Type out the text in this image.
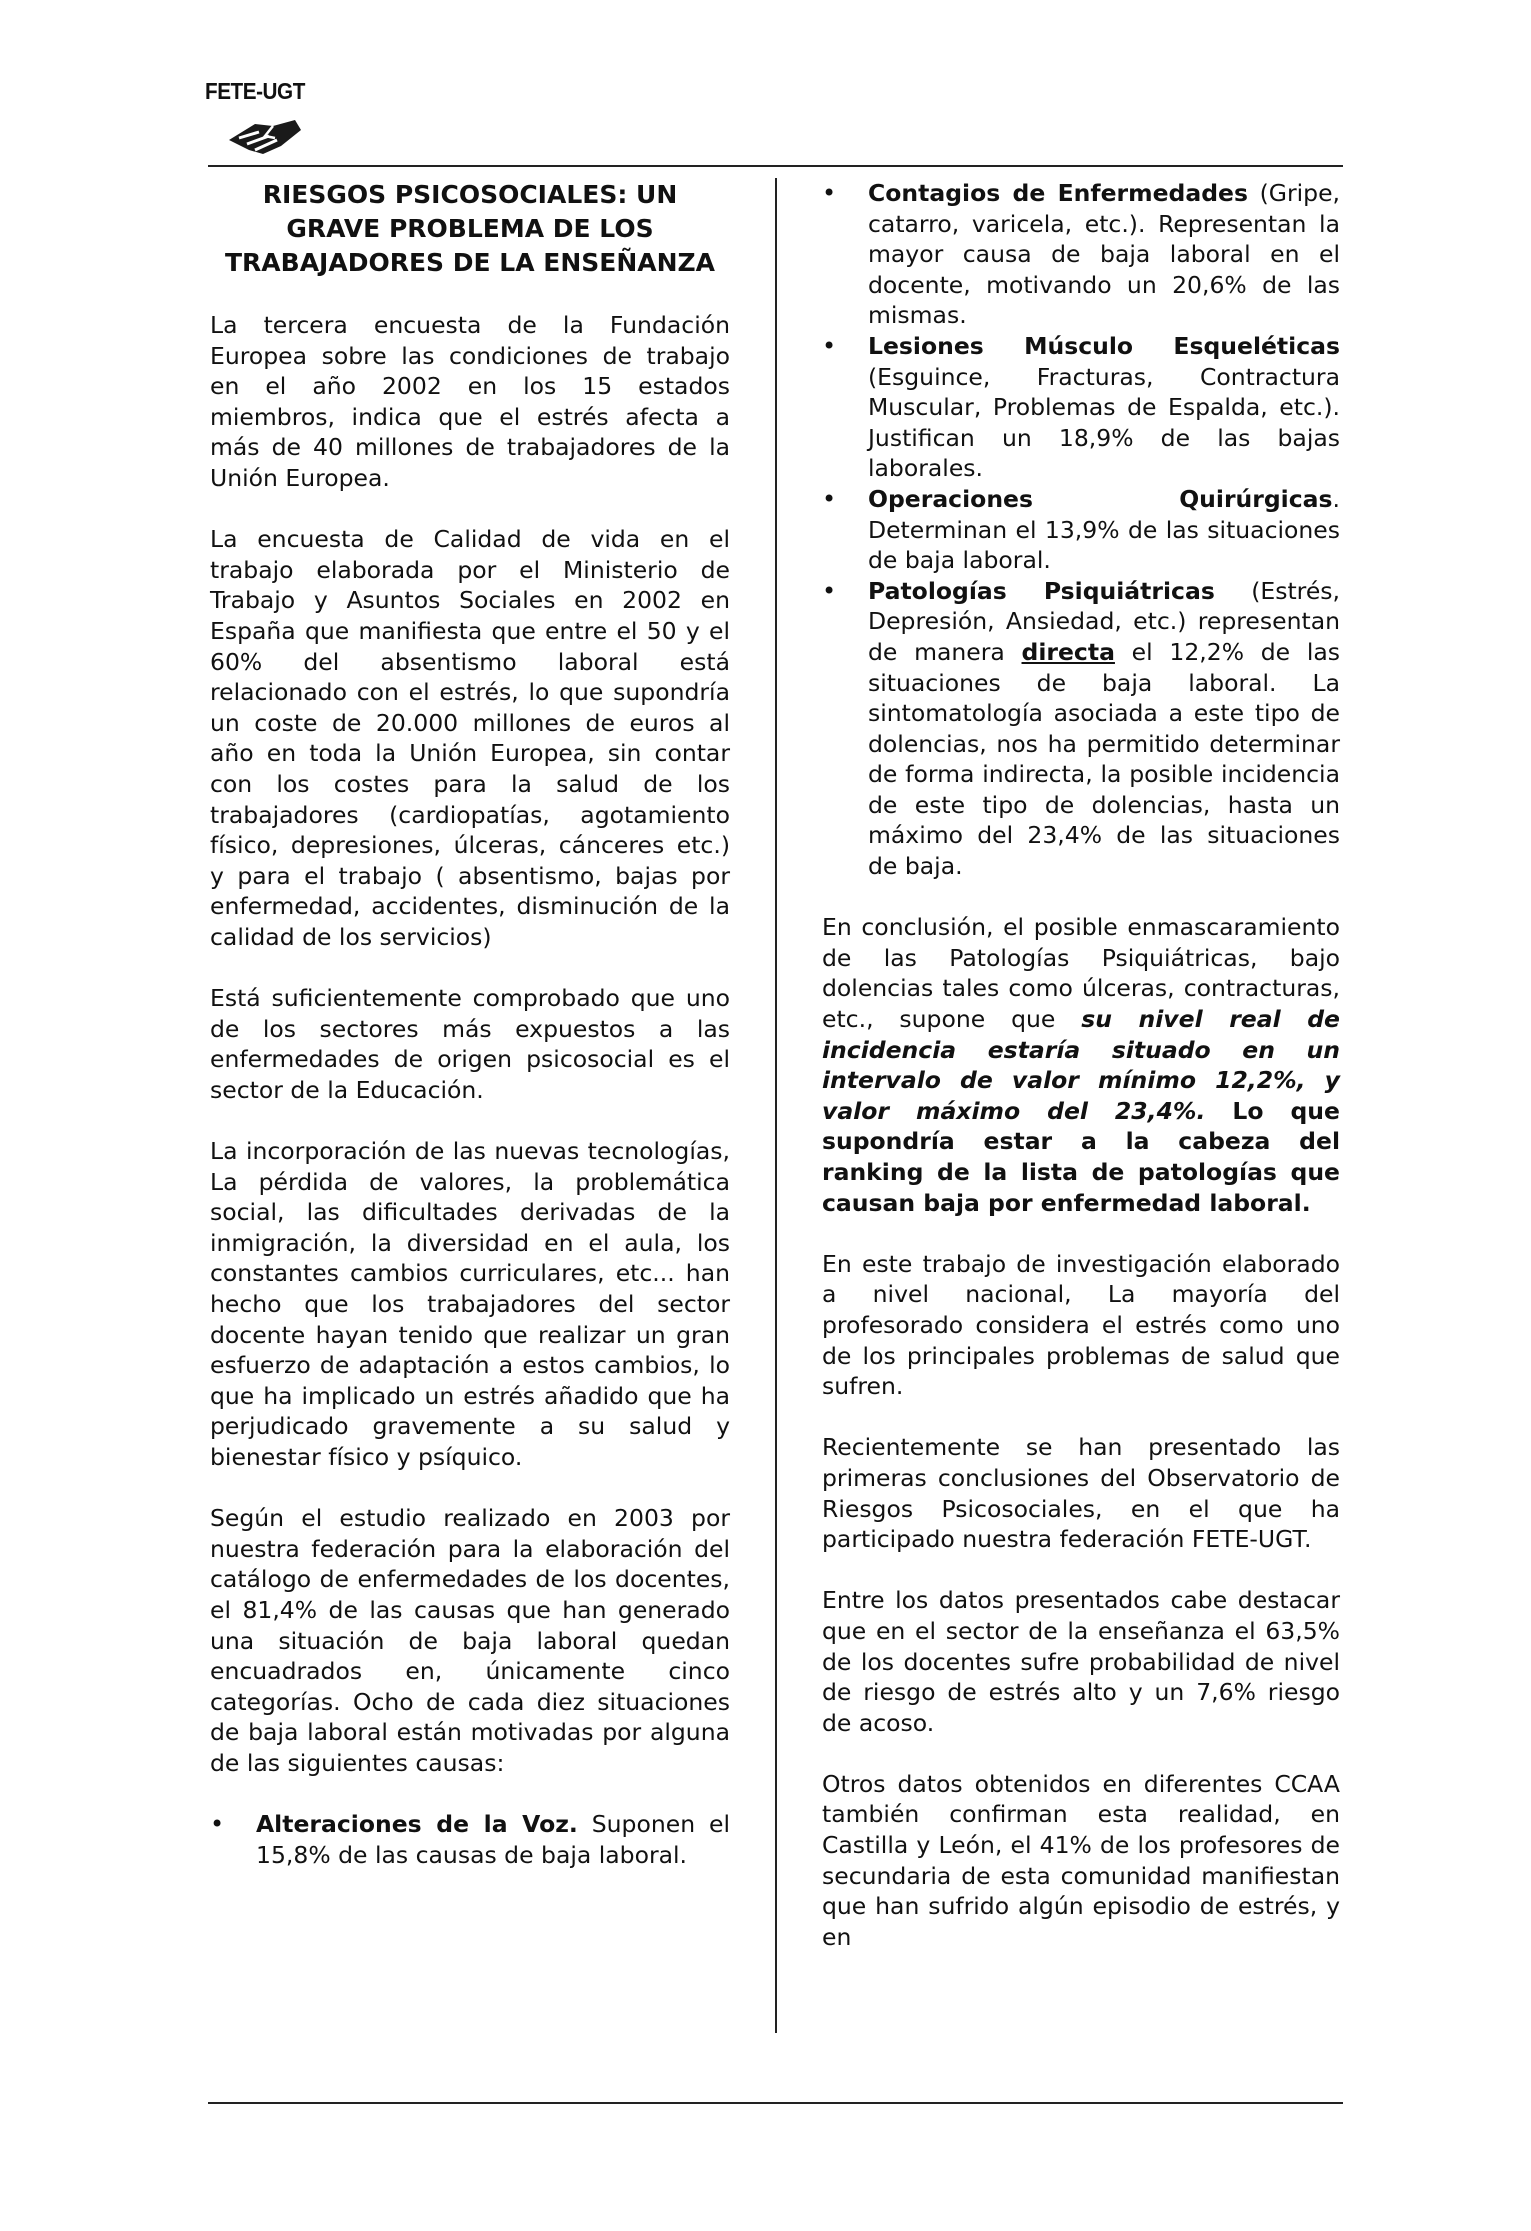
FETE-UGT
RIESGOS PSICOSOCIALES: UN GRAVE PROBLEMA DE LOS TRABAJADORES DE LA ENSEÑANZA

La tercera encuesta de la Fundación Europea sobre las condiciones de trabajo en el año 2002 en los 15 estados miembros, indica que el estrés afecta a más de 40 millones de trabajadores de la Unión Europea.

La encuesta de Calidad de vida en el trabajo elaborada por el Ministerio de Trabajo y Asuntos Sociales en 2002 en España que manifiesta que entre el 50 y el 60% del absentismo laboral está relacionado con el estrés, lo que supondría un coste de 20.000 millones de euros al año en toda la Unión Europea, sin contar con los costes para la salud de los trabajadores (cardiopatías, agotamiento físico, depresiones, úlceras, cánceres etc.) y para el trabajo ( absentismo, bajas por enfermedad, accidentes, disminución de la calidad de los servicios)

Está suficientemente comprobado que uno de los sectores más expuestos a las enfermedades de origen psicosocial es el sector de la Educación.

La incorporación de las nuevas tecnologías, La pérdida de valores, la problemática social, las dificultades derivadas de la inmigración, la diversidad en el aula, los constantes cambios curriculares, etc... han hecho que los trabajadores del sector docente hayan tenido que realizar un gran esfuerzo de adaptación a estos cambios, lo que ha implicado un estrés añadido que ha perjudicado gravemente a su salud y bienestar físico y psíquico.

Según el estudio realizado en 2003 por nuestra federación para la elaboración del catálogo de enfermedades de los docentes, el 81,4% de las causas que han generado una situación de baja laboral quedan encuadrados en, únicamente cinco categorías. Ocho de cada diez situaciones de baja laboral están motivadas por alguna de las siguientes causas:

• Alteraciones de la Voz. Suponen el 15,8% de las causas de baja laboral.
• Contagios de Enfermedades (Gripe, catarro, varicela, etc.). Representan la mayor causa de baja laboral en el docente, motivando un 20,6% de las mismas.
• Lesiones Músculo Esqueléticas (Esguince, Fracturas, Contractura Muscular, Problemas de Espalda, etc.). Justifican un 18,9% de las bajas laborales.
• Operaciones	Quirúrgicas.
Determinan el 13,9% de las situaciones de baja laboral.
• Patologías Psiquiátricas (Estrés, Depresión, Ansiedad, etc.) representan de manera directa el 12,2% de las situaciones de baja laboral. La sintomatología asociada a este tipo de dolencias, nos ha permitido determinar de forma indirecta, la posible incidencia de este tipo de dolencias, hasta un máximo del 23,4% de las situaciones de baja.

En conclusión, el posible enmascaramiento de las Patologías Psiquiátricas, bajo dolencias tales como úlceras, contracturas, etc., supone que su nivel real de incidencia estaría situado en un intervalo de valor mínimo 12,2%, y valor máximo del 23,4%. Lo que supondría estar a la cabeza del ranking de la lista de patologías que causan baja por enfermedad laboral.

En este trabajo de investigación elaborado a nivel nacional, La mayoría del profesorado considera el estrés como uno de los principales problemas de salud que sufren.

Recientemente se han presentado las primeras conclusiones del Observatorio de Riesgos Psicosociales, en el que ha participado nuestra federación FETE-UGT.

Entre los datos presentados cabe destacar que en el sector de la enseñanza el 63,5% de los docentes sufre probabilidad de nivel de riesgo de estrés alto y un 7,6% riesgo de acoso.

Otros datos obtenidos en diferentes CCAA también confirman esta realidad, en Castilla y León, el 41% de los profesores de secundaria de esta comunidad manifiestan que han sufrido algún episodio de estrés, y en
